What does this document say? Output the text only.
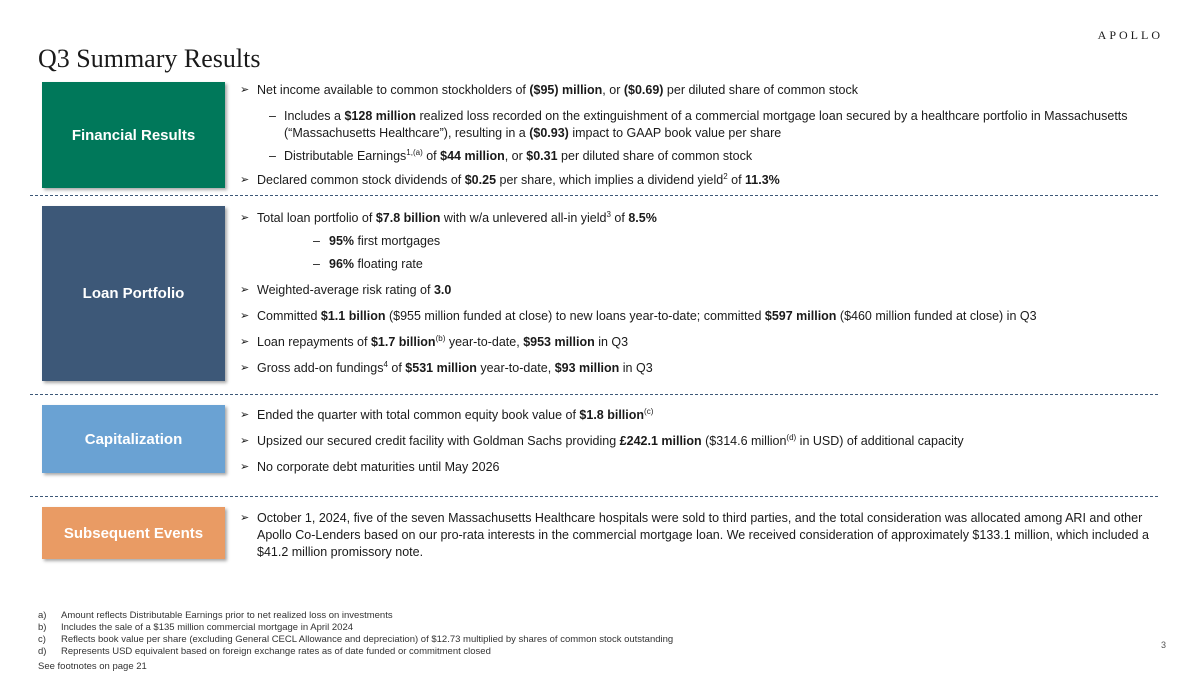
APOLLO
Q3 Summary Results
Financial Results
Loan Portfolio
Capitalization
Subsequent Events
➢ Net income available to common stockholders of ($95) million, or ($0.69) per diluted share of common stock
– Includes a $128 million realized loss recorded on the extinguishment of a commercial mortgage loan secured by a healthcare portfolio in Massachusetts (“Massachusetts Healthcare”), resulting in a ($0.93) impact to GAAP book value per share
– Distributable Earnings$^{1,(a)}$ of $44 million, or $0.31 per diluted share of common stock
➢ Declared common stock dividends of $0.25 per share, which implies a dividend yield$^2$ of 11.3%
➢ Total loan portfolio of $7.8 billion with w/a unlevered all-in yield$^3$ of 8.5%
– 95% first mortgages
– 96% floating rate
➢ Weighted-average risk rating of 3.0
➢ Committed $1.1 billion ($955 million funded at close) to new loans year-to-date; committed $597 million ($460 million funded at close) in Q3
➢ Loan repayments of $1.7 billion$^{(b)}$ year-to-date, $953 million in Q3
➢ Gross add-on fundings$^4$ of $531 million year-to-date, $93 million in Q3
➢ Ended the quarter with total common equity book value of $1.8 billion$^{(c)}$
➢ Upsized our secured credit facility with Goldman Sachs providing £242.1 million ($314.6 million$^{(d)}$ in USD) of additional capacity
➢ No corporate debt maturities until May 2026
➢ October 1, 2024, five of the seven Massachusetts Healthcare hospitals were sold to third parties, and the total consideration was allocated among ARI and other Apollo Co-Lenders based on our pro-rata interests in the commercial mortgage loan. We received consideration of approximately $133.1 million, which included a $41.2 million promissory note.
a)	Amount reflects Distributable Earnings prior to net realized loss on investments
b)	Includes the sale of a $135 million commercial mortgage in April 2024
c)	Reflects book value per share (excluding General CECL Allowance and depreciation) of $12.73 multiplied by shares of common stock outstanding
d)	Represents USD equivalent based on foreign exchange rates as of date funded or commitment closed
See footnotes on page 21
3
